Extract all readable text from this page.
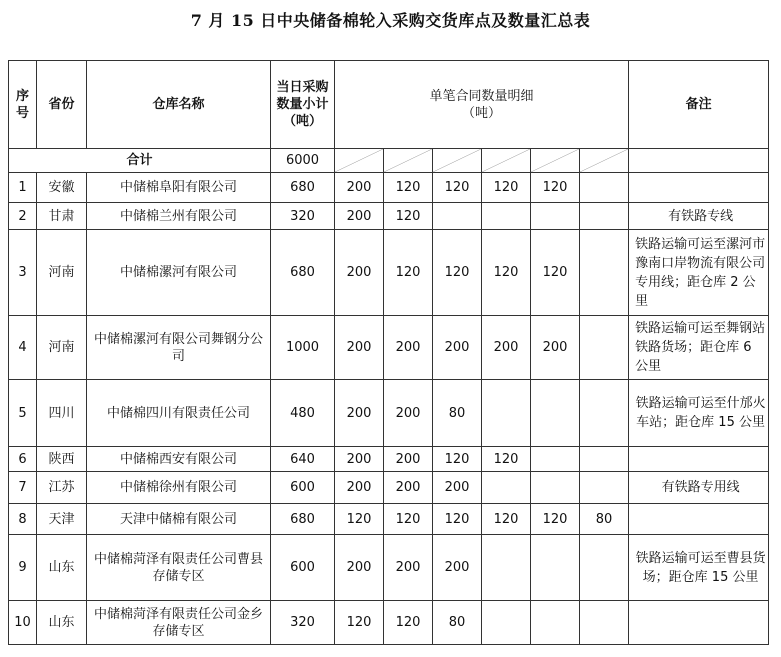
7 月 15 日中央储备棉轮入采购交货库点及数量汇总表
序号	省份	仓库名称	当日采购数量小计（吨）	单笔合同数量明细
（吨）						备注
合计			6000	

1	安徽	中储棉阜阳有限公司	680	200	120	120	120	120		
2	甘肃	中储棉兰州有限公司	320	200	120					有铁路专线
3	河南	中储棉漯河有限公司	680	200	120	120	120	120		铁路运输可运至漯河市豫南口岸物流有限公司专用线；距仓库 2 公里
4	河南	中储棉漯河有限公司舞钢分公司	1000	200	200	200	200	200		铁路运输可运至舞钢站铁路货场；距仓库 6 公里
5	四川	中储棉四川有限责任公司	480	200	200	80				铁路运输可运至什邡火车站；距仓库 15 公里
6	陕西	中储棉西安有限公司	640	200	200	120	120			
7	江苏	中储棉徐州有限公司	600	200	200	200				有铁路专用线
8	天津	天津中储棉有限公司	680	120	120	120	120	120	80	
9	山东	中储棉菏泽有限责任公司曹县存储专区	600	200	200	200				铁路运输可运至曹县货场；距仓库 15 公里
10	山东	中储棉菏泽有限责任公司金乡存储专区	320	120	120	80				
